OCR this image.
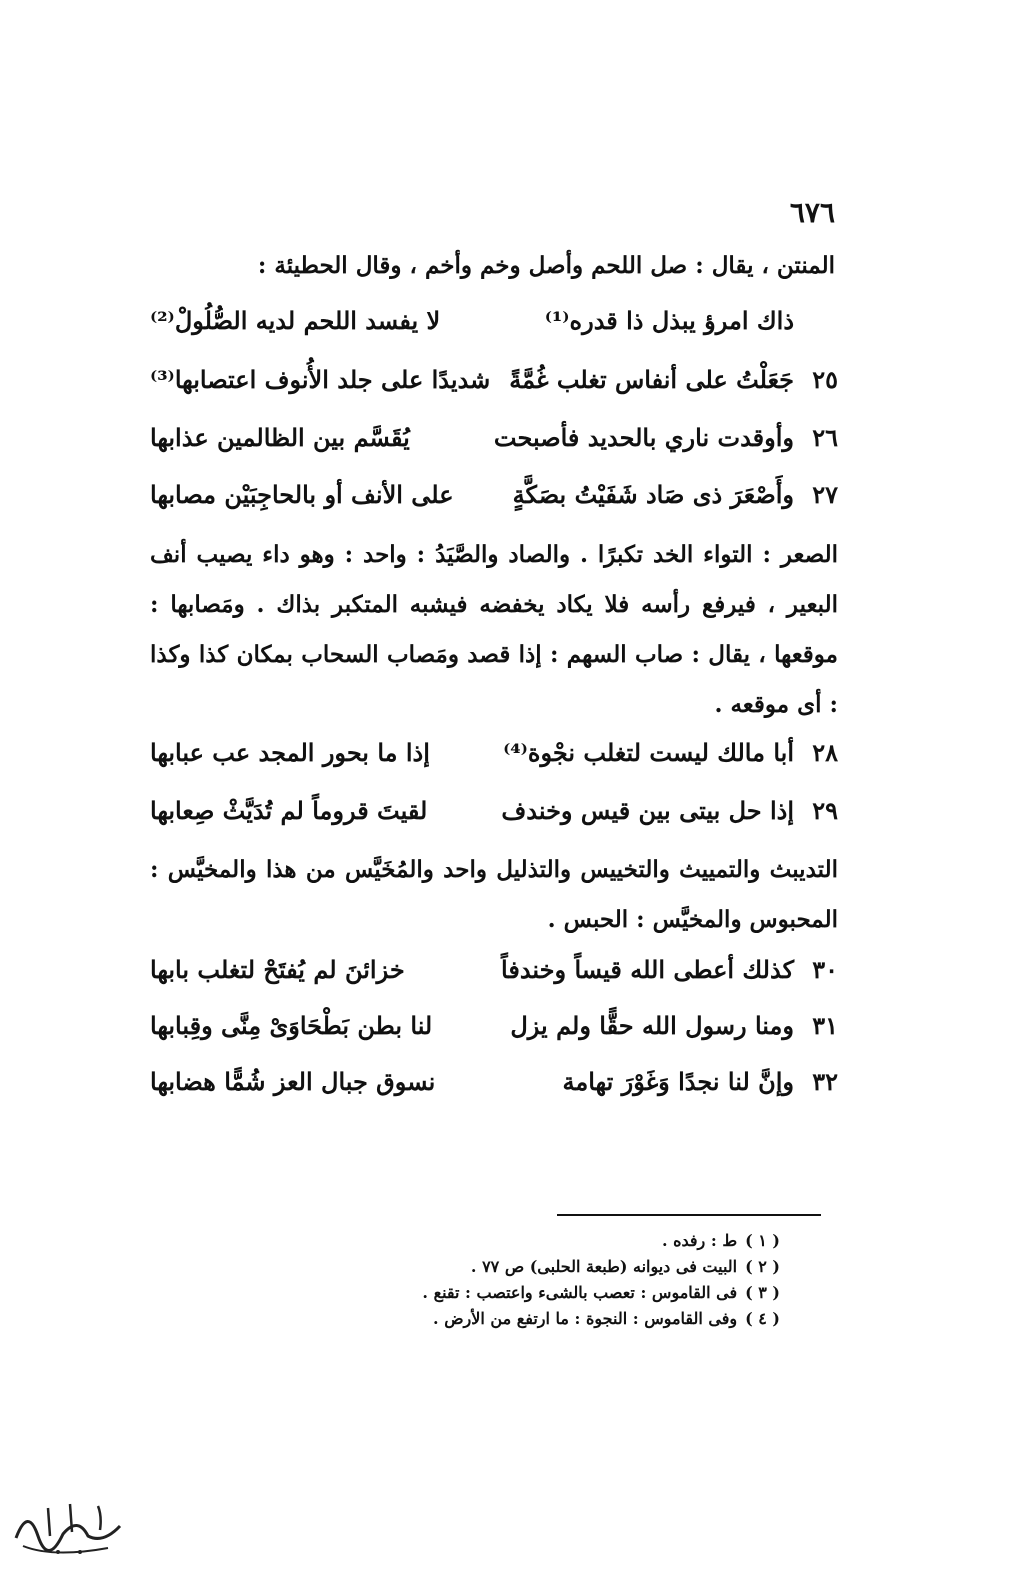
٦٧٦
المنتن ، يقال : صل اللحم وأصل وخم وأخم ، وقال الحطيئة :
ذاك امرؤ يبذل ذا قدره⁽¹⁾
لا يفسد اللحم لديه الصُّلُولْ⁽²⁾
٢٥
جَعَلْتُ على أنفاس تغلب غُمَّةً
شديدًا على جلد الأُنوف اعتصابها⁽³⁾
٢٦
وأوقدت ناري بالحديد فأصبحت
يُقَسَّم بين الظالمين عذابها
٢٧
وأَصْعَرَ ذى صَاد شَفَيْتُ بصَكَّةٍ
على الأنف أو بالحاجِبَيْن مصابها
الصعر : التواء الخد تكبرًا . والصاد والصَّيَدُ : واحد : وهو داء يصيب أنف البعير ، فيرفع رأسه فلا يكاد يخفضه فيشبه المتكبر بذاك . ومَصابها : موقعها ، يقال : صاب السهم : إذا قصد ومَصاب السحاب بمكان كذا وكذا : أى موقعه .
٢٨
أبا مالك ليست لتغلب نجْوة⁽⁴⁾
إذا ما بحور المجد عب عبابها
٢٩
إذا حل بيتى بين قيس وخندف
لقيتَ قروماً لم تُدَيَّثْ صِعابها
التديبث والتمييث والتخييس والتذليل واحد والمُخَيَّس من هذا والمخيَّس : المحبوس والمخيَّس : الحبس .
٣٠
كذلك أعطى الله قيساً وخندفاً
خزائنَ لم يُفتَحْ لتغلب بابها
٣١
ومنا رسول الله حقًّا ولم يزل
لنا بطن بَطْحَاوَىْ مِنَّى وقِبابها
٣٢
وإنَّ لنا نجدًا وَغَوْرَ تهامة
نسوق جبال العز شُمًّا هضابها
( ١ )ط : رفده .
( ٢ )البيت فى ديوانه (طبعة الحلبى) ص ٧٧ .
( ٣ )فى القاموس : تعصب بالشىء واعتصب : تقنع .
( ٤ )وفى القاموس : النجوة : ما ارتفع من الأرض .
